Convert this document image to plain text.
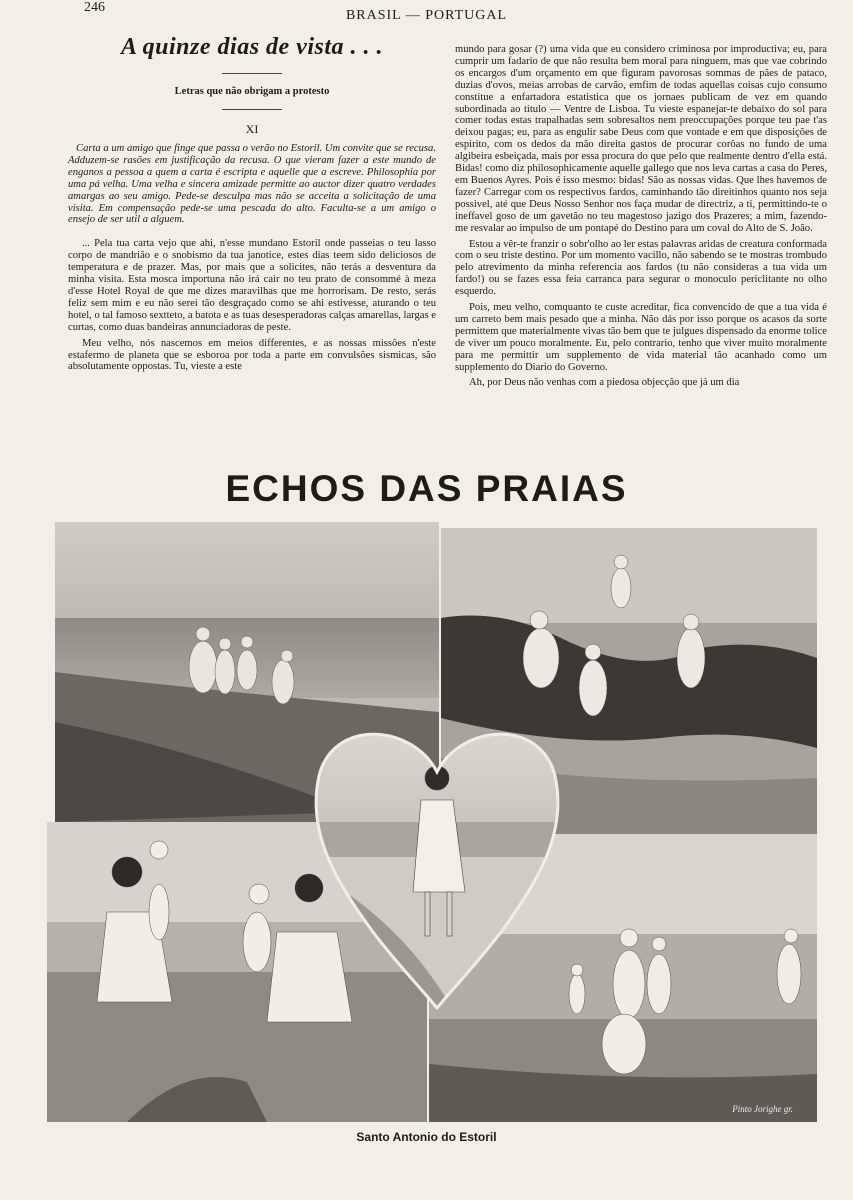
246
BRASIL — PORTUGAL
A quinze dias de vista . . .
Letras que não obrigam a protesto
XI

Carta a um amigo que finge que passa o verão no Estoril. Um convite que se recusa. Adduzem-se rasões em justificação da recusa. O que vieram fazer a este mundo de enganos a pessoa a quem a carta é escripta e aquelle que a escreve. Philosophia por uma pá velha. Uma velha e sincera amizade permitte ao auctor dizer quatro verdades amargas ao seu amigo. Pede-se desculpa mas não se acceita a solicitação de uma visita. Em compensação pede-se uma pescada do alto. Faculta-se a um amigo o ensejo de ser util a alguem.

... Pela tua carta vejo que ahi, n'esse mundano Estoril onde passeias o teu lasso corpo de mandrião e o snobismo da tua janotice, estes dias teem sido deliciosos de temperatura e de prazer. Mas, por mais que a solicites, não terás a desventura da minha visita. Esta mosca importuna não irá cair no teu prato de consommé à meza d'esse Hotel Royal de que me dizes maravilhas que me horrorisam. De resto, serás feliz sem mim e eu não serei tão desgraçado como se ahi estivesse, aturando o teu hotel, o tal famoso sextteto, a batota e as tuas desesperadoras calças amarellas, largas e curtas, como duas bandeiras annunciadoras de peste.

Meu velho, nós nascemos em meios differentes, e as nossas missões n'este estafermo de planeta que se esboroa por toda a parte em convulsões sismicas, são absolutamente oppostas. Tu, vieste a este

mundo para gosar (?) uma vida que eu considero criminosa por improductiva; eu, para cumprir um fadario de que não resulta bem moral para ninguem, mas que vae cobrindo os encargos d'um orçamento em que figuram pavorosas sommas de pães de pataco, duzias d'ovos, meias arrobas de carvão, emfim de todas aquellas coisas cujo consumo constitue a enfartadora estatistica que os jornaes publicam de vez em quando subordinada ao titulo — Ventre de Lisboa. Tu vieste espanejar-te debaixo do sol para comer todas estas trapalhadas sem sobresaltos nem preoccupações porque teu pae t'as deixou pagas; eu, para as engulir sabe Deus com que vontade e em que disposições de espirito, com os dedos da mão direita gastos de procurar corôas no fundo de uma algibeira esbeiçada, mais por essa procura do que pelo que realmente dentro d'ella está. Bidas! como diz philosophicamente aquelle gallego que nos leva cartas a casa do Peres, em Buenos Ayres. Pois é isso mesmo: bidas! São as nossas vidas. Que lhes havemos de fazer? Carregar com os respectivos fardos, caminhando tão direitinhos quanto nos seja possivel, até que Deus Nosso Senhor nos faça mudar de directriz, a ti, permittindo-te o ineffavel goso de um gavetão no teu magestoso jazigo dos Prazeres; a mim, fazendo-me resvalar ao impulso de um pontapé do Destino para um coval do Alto de S. João.

Estou a vêr-te franzir o sobr'olho ao ler estas palavras aridas de creatura conformada com o seu triste destino. Por um momento vacillo, não sabendo se te mostras trombudo pelo atrevimento da minha referencia aos fardos (tu não consideras a tua vida um fardo!) ou se fazes essa feia carranca para segurar o monoculo periclitante no olho esquerdo.

Pois, meu velho, comquanto te custe acreditar, fica convencido de que a tua vida é um carreto bem mais pesado que a minha. Não dás por isso porque os acasos da sorte permittem que materialmente vivas tão bem que te julgues dispensado da enorme tolice de viver um pouco moralmente. Eu, pelo contrario, tenho que viver muito moralmente para me permittir um supplemento de vida material tão acanhado como um supplemento do Diario do Governo.

Ah, por Deus não venhas com a piedosa objecção que já um dia

ECHOS DAS PRAIAS
Pinto Jorighe gr.
Santo Antonio do Estoril
